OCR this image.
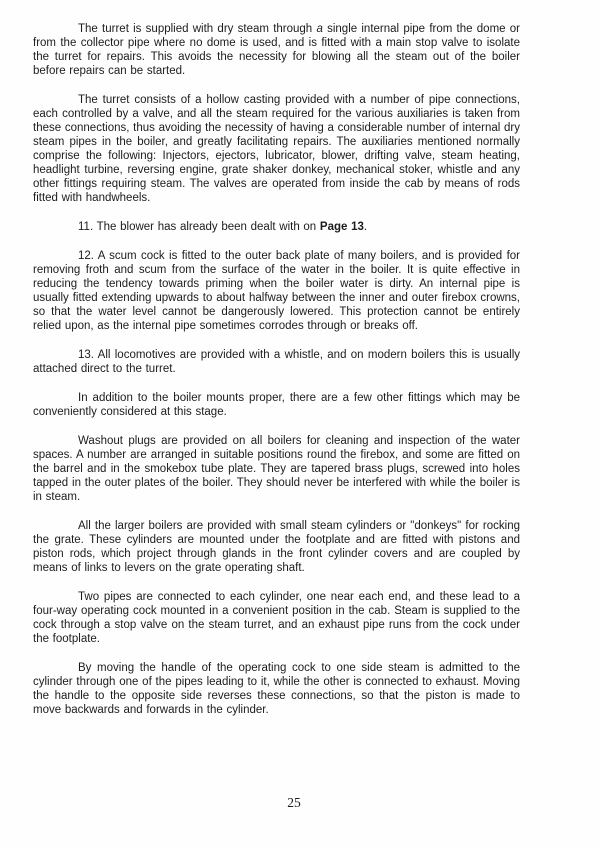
The turret is supplied with dry steam through a single internal pipe from the dome or from the collector pipe where no dome is used, and is fitted with a main stop valve to isolate the turret for repairs. This avoids the necessity for blowing all the steam out of the boiler before repairs can be started.

The turret consists of a hollow casting provided with a number of pipe connections, each controlled by a valve, and all the steam required for the various auxiliaries is taken from these connections, thus avoiding the necessity of having a considerable number of internal dry steam pipes in the boiler, and greatly facilitating repairs. The auxiliaries mentioned normally comprise the following: Injectors, ejectors, lubricator, blower, drifting valve, steam heating, headlight turbine, reversing engine, grate shaker donkey, mechanical stoker, whistle and any other fittings requiring steam. The valves are operated from inside the cab by means of rods fitted with handwheels.

11. The blower has already been dealt with on Page 13.

12. A scum cock is fitted to the outer back plate of many boilers, and is provided for removing froth and scum from the surface of the water in the boiler. It is quite effective in reducing the tendency towards priming when the boiler water is dirty. An internal pipe is usually fitted extending upwards to about halfway between the inner and outer firebox crowns, so that the water level cannot be dangerously lowered. This protection cannot be entirely relied upon, as the internal pipe sometimes corrodes through or breaks off.

13. All locomotives are provided with a whistle, and on modern boilers this is usually attached direct to the turret.

In addition to the boiler mounts proper, there are a few other fittings which may be conveniently considered at this stage.

Washout plugs are provided on all boilers for cleaning and inspection of the water spaces. A number are arranged in suitable positions round the firebox, and some are fitted on the barrel and in the smokebox tube plate. They are tapered brass plugs, screwed into holes tapped in the outer plates of the boiler. They should never be interfered with while the boiler is in steam.

All the larger boilers are provided with small steam cylinders or "donkeys" for rocking the grate. These cylinders are mounted under the footplate and are fitted with pistons and piston rods, which project through glands in the front cylinder covers and are coupled by means of links to levers on the grate operating shaft.

Two pipes are connected to each cylinder, one near each end, and these lead to a four-way operating cock mounted in a convenient position in the cab. Steam is supplied to the cock through a stop valve on the steam turret, and an exhaust pipe runs from the cock under the footplate.

By moving the handle of the operating cock to one side steam is admitted to the cylinder through one of the pipes leading to it, while the other is connected to exhaust. Moving the handle to the opposite side reverses these connections, so that the piston is made to move backwards and forwards in the cylinder.

25
